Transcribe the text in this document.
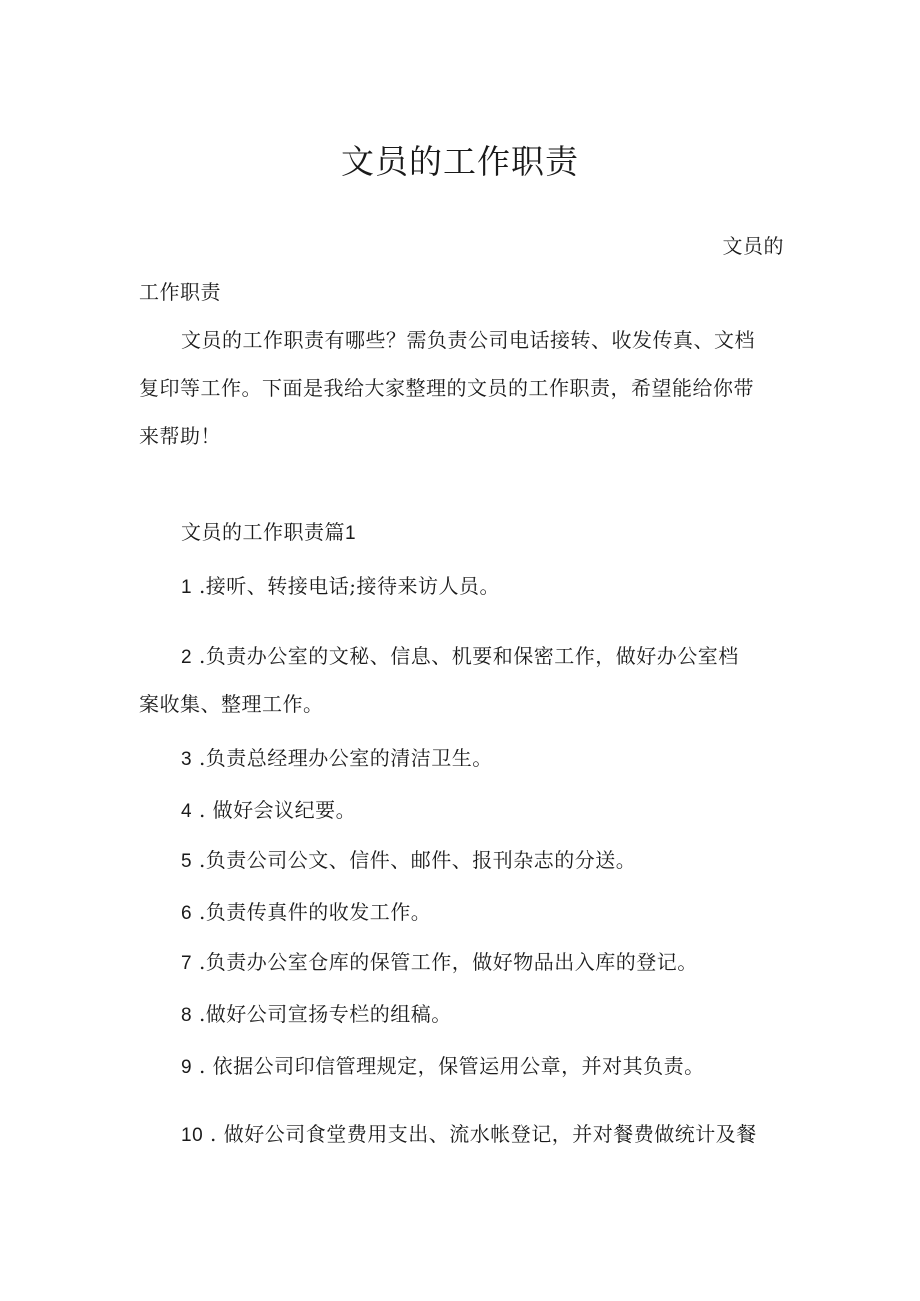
文员的工作职责
文员的
工作职责
文员的工作职责有哪些？需负责公司电话接转、收发传真、文档
复印等工作。下面是我给大家整理的文员的工作职责，希望能给你带
来帮助！
文员的工作职责篇1
1 .接听、转接电话;接待来访人员。
2 .负责办公室的文秘、信息、机要和保密工作，做好办公室档
案收集、整理工作。
3 .负责总经理办公室的清洁卫生。
4 . 做好会议纪要。
5 .负责公司公文、信件、邮件、报刊杂志的分送。
6 .负责传真件的收发工作。
7 .负责办公室仓库的保管工作，做好物品出入库的登记。
8 .做好公司宣扬专栏的组稿。
9 . 依据公司印信管理规定，保管运用公章，并对其负责。
10 . 做好公司食堂费用支出、流水帐登记，并对餐费做统计及餐
